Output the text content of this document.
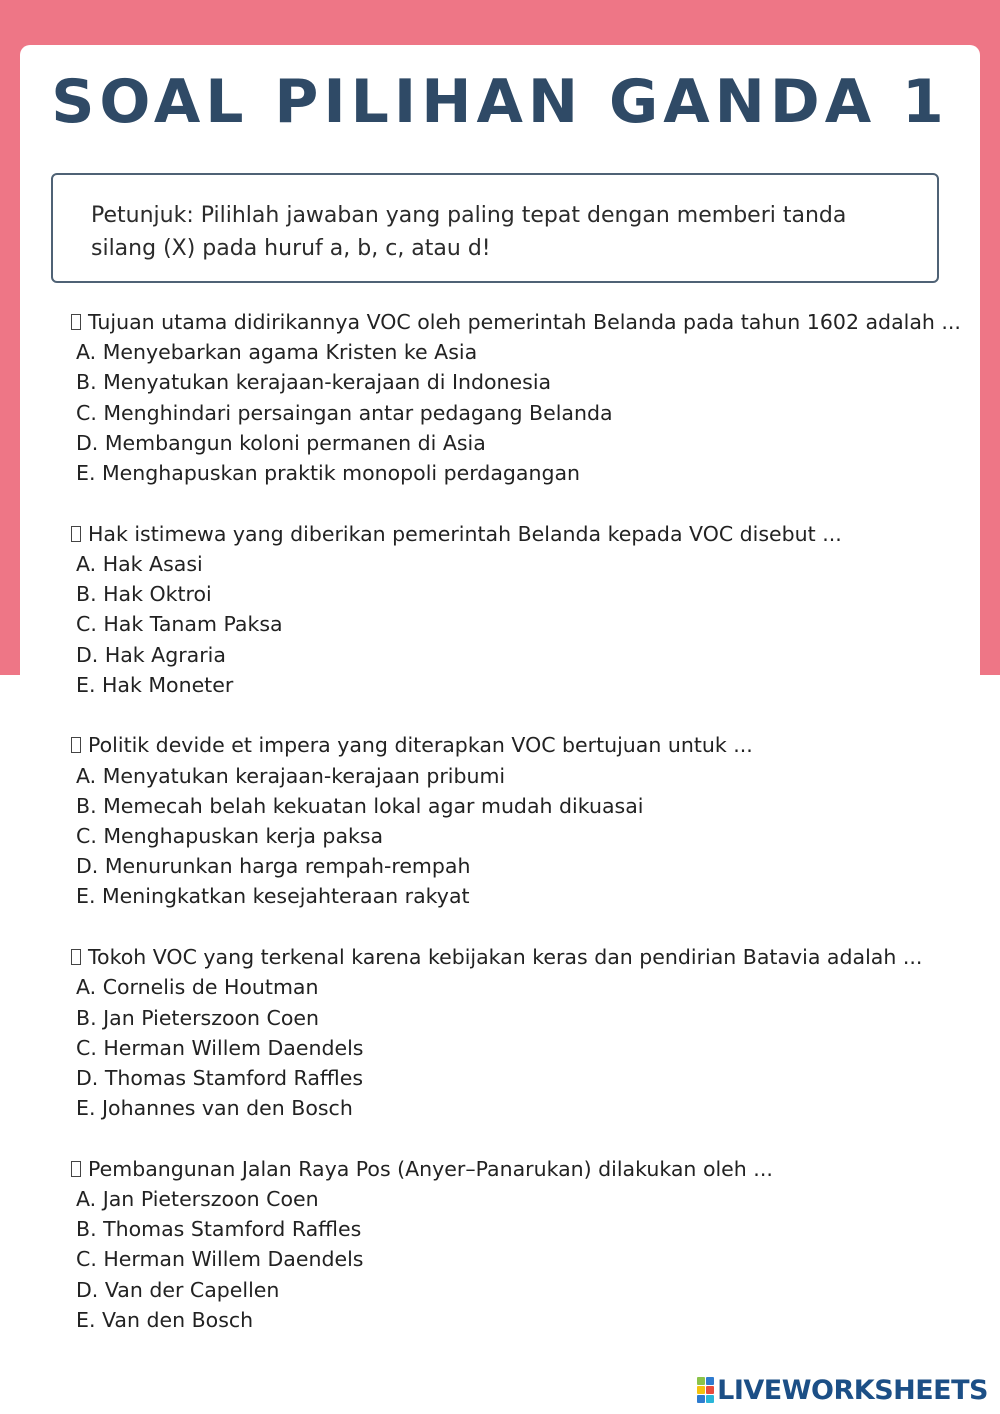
SOAL PILIHAN GANDA 1
Petunjuk: Pilihlah jawaban yang paling tepat dengan memberi tanda silang (X) pada huruf a, b, c, atau d!
Tujuan utama didirikannya VOC oleh pemerintah Belanda pada tahun 1602 adalah ...
A. Menyebarkan agama Kristen ke Asia
B. Menyatukan kerajaan-kerajaan di Indonesia
C. Menghindari persaingan antar pedagang Belanda
D. Membangun koloni permanen di Asia
E. Menghapuskan praktik monopoli perdagangan
Hak istimewa yang diberikan pemerintah Belanda kepada VOC disebut ...
A. Hak Asasi
B. Hak Oktroi
C. Hak Tanam Paksa
D. Hak Agraria
E. Hak Moneter
Politik devide et impera yang diterapkan VOC bertujuan untuk ...
A. Menyatukan kerajaan-kerajaan pribumi
B. Memecah belah kekuatan lokal agar mudah dikuasai
C. Menghapuskan kerja paksa
D. Menurunkan harga rempah-rempah
E. Meningkatkan kesejahteraan rakyat
Tokoh VOC yang terkenal karena kebijakan keras dan pendirian Batavia adalah ...
A. Cornelis de Houtman
B. Jan Pieterszoon Coen
C. Herman Willem Daendels
D. Thomas Stamford Raffles
E. Johannes van den Bosch
Pembangunan Jalan Raya Pos (Anyer–Panarukan) dilakukan oleh ...
A. Jan Pieterszoon Coen
B. Thomas Stamford Raffles
C. Herman Willem Daendels
D. Van der Capellen
E. Van den Bosch
LIVEWORKSHEETS
